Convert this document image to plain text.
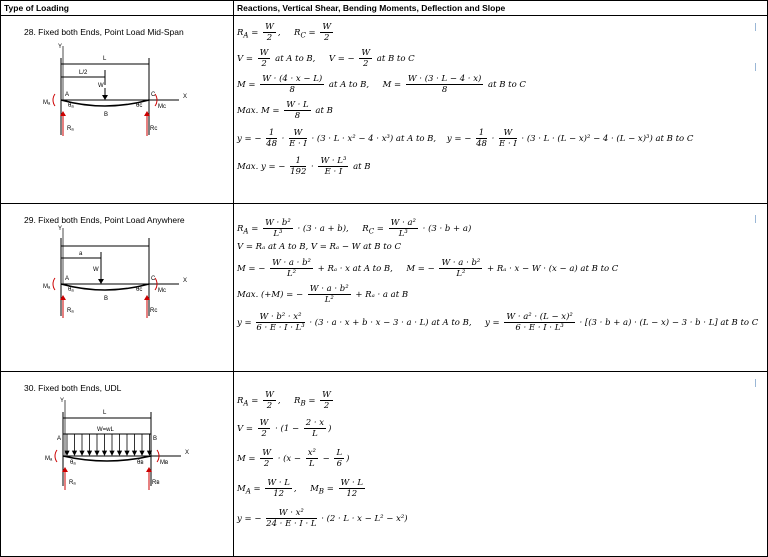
Type of Loading	Reactions, Vertical Shear, Bending Moments, Deflection and Slope
28. Fixed both Ends, Point Load Mid-Span
Y
L
L/2
W
X
A
B
C
Mₐ
Mc
θₐ	θc
Rₐ	Rc
$R_A = \frac{W}{2}$ ,     $R_C = \frac{W}{2}$
$V = \frac{W}{2}$ at A to B,     V = − $\frac{W}{2}$ at B to C
$M = \frac{W \cdot (4 \cdot x - L)}{8}$ at A to B,     $M = \frac{W \cdot (3 \cdot L - 4 \cdot x)}{8}$ at B to C
Max. $M = \frac{W \cdot L}{8}$ at B
y = − $\frac{1}{48} \cdot \frac{W}{E \cdot I} \cdot (3 \cdot L \cdot x^2 - 4 \cdot x^3)$ at A to B,    y = − $\frac{1}{48} \cdot \frac{W}{E \cdot I} \cdot (3 \cdot L \cdot (L - x)^2 - 4 \cdot (L - x)^3)$ at B to C
Max. y = − $\frac{1}{192} \cdot \frac{\text{W · L³}}{E \cdot I}$ at B
29. Fixed both Ends, Point Load Anywhere
Y
a
W
X
A
B
C
Mₐ
Mc
θₐ	θc
Rₐ	Rc
$R_A = \frac{\text{W · b²}}{\text{L³}} \cdot (3 \cdot a + b)$,     $R_C = \frac{\text{W · a²}}{\text{L³}} \cdot (3 \cdot b + a)$
V = Rₐ at A to B, V = Rₐ − W at B to C
M = − $\frac{\text{W · a · b²}}{\text{L²}} + R_a \cdot x$ at A to B,     M = − $\frac{\text{W · a · b²}}{\text{L²}} + R_a \cdot x - W \cdot (x - a)$ at B to C
Max. (+M) = − $\frac{\text{W · a · b²}}{\text{L²}} + R_a \cdot a$ at B
$y = \frac{\text{W · b² · x²}}{\text{6 · E · I · L³}} \cdot (3 \cdot a \cdot x + b \cdot x - 3 \cdot a \cdot L)$ at A to B,     $y = \frac{\text{W · a² · (L − x)²}}{\text{6 · E · I · L³}} \cdot [(3 \cdot b + a) \cdot (L - x) - 3 \cdot b \cdot L]$ at B to C
30. Fixed both Ends, UDL
Y
L
W=wL
X
A	B
Mₐ
Mʙ
θₐ	θʙ
Rₐ	Rʙ
$R_A = \frac{W}{2}$ ,     $R_B = \frac{W}{2}$
$V = \frac{W}{2} \cdot (1 - \frac{2 \cdot x}{L}$ )
$M = \frac{W}{2} \cdot (x - \frac{\text{x²}}{L} - \frac{L}{6}$ )
$M_A = \frac{W \cdot L}{12}$ ,     $M_B = \frac{W \cdot L}{12}$
y = − $\frac{\text{W · x²}}{24 \cdot E \cdot I \cdot L} \cdot (2 \cdot L \cdot x - L^2 - x^2)$
